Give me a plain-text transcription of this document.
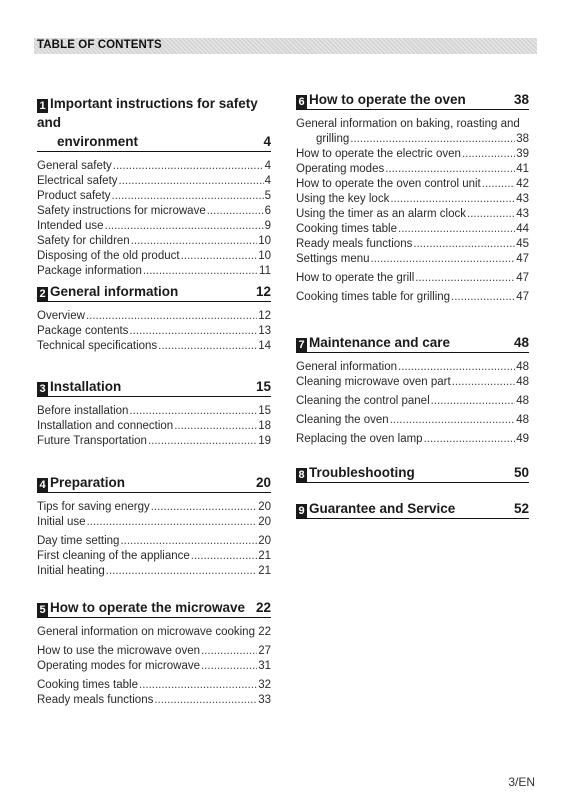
TABLE OF CONTENTS
1 Important instructions for safety and
environment	4
General safety .....	4
Electrical safety .....	4
Product safety .....	5
Safety instructions for microwave .....	6
Intended use .....	9
Safety for children .....	10
Disposing of the old product .....	10
Package information .....	11
2 General information	12
Overview .....	12
Package contents .....	13
Technical specifications .....	14
3 Installation	15
Before installation .....	15
Installation and connection .....	18
Future Transportation .....	19
4 Preparation	20
Tips for saving energy .....	20
Initial use .....	20
Day time setting .....	20
First cleaning of the appliance .....	21
Initial heating .....	21
5 How to operate the microwave 22
General information on microwave cooking ..... 22
How to use the microwave oven .....	27
Operating modes for microwave .....	31
Cooking times table .....	32
Ready meals functions .....	33
6 How to operate the oven	38
General information on baking, roasting and
grilling .....	38
How to operate the electric oven .....	39
Operating modes .....	41
How to operate the oven control unit .....	42
Using the key lock .....	43
Using the timer as an alarm clock .....	43
Cooking times table .....	44
Ready meals functions .....	45
Settings menu .....	47
How to operate the grill .....	47
Cooking times table for grilling .....	47
7 Maintenance and care	48
General information .....	48
Cleaning microwave oven part .....	48
Cleaning the control panel .....	48
Cleaning the oven .....	48
Replacing the oven lamp .....	49
8 Troubleshooting	50
9 Guarantee and Service	52
3/EN
